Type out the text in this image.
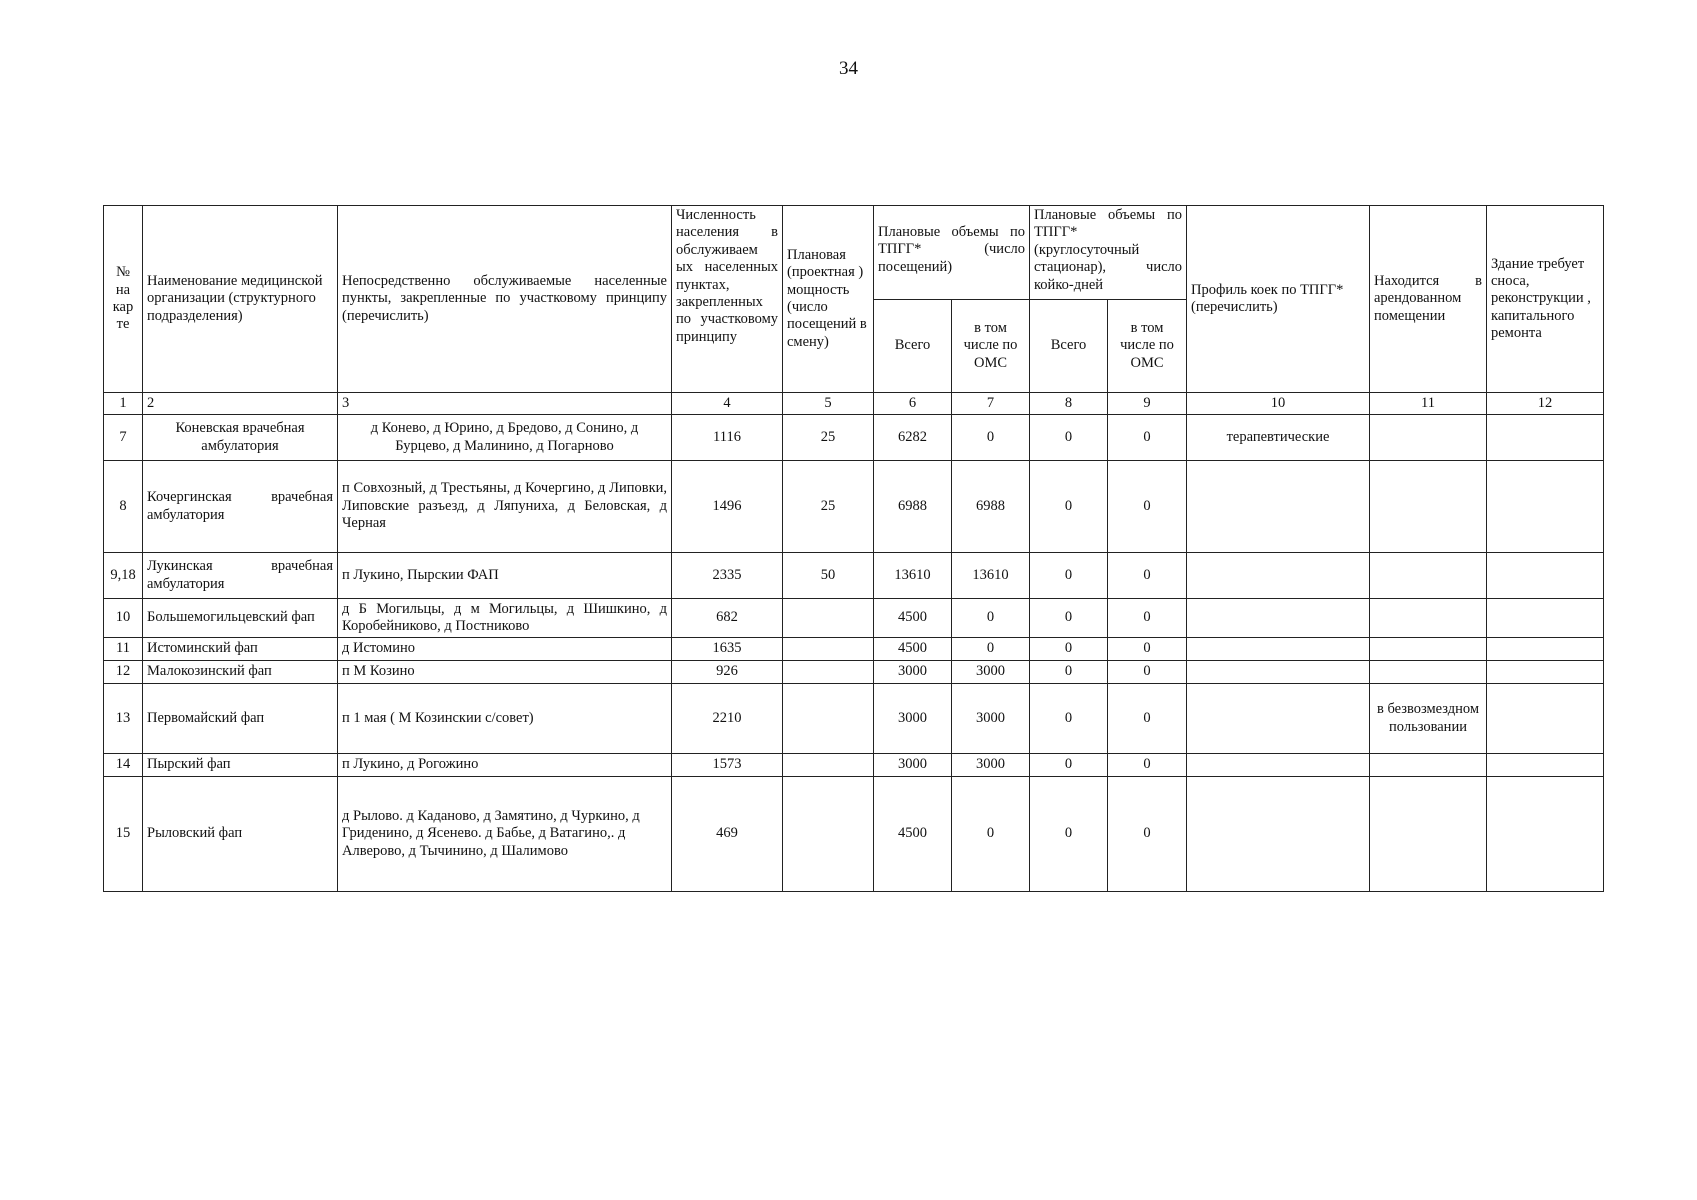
34
№ на кар те	Наименование медицинской организации (структурного подразделения)	Непосредственно обслуживаемые населенные пункты, закрепленные по участковому принципу (перечислить)	Численность населения в обслуживаем ых населенных пунктах, закрепленных по участковому принципу	Плановая (проектная ) мощность (число посещений в смену)	Плановые объемы по ТПГГ* (число посещений)		Плановые объемы по ТПГГ* (круглосуточный стационар), число койко-дней		Профиль коек по ТПГГ* (перечислить)	Находится в арендованном помещении	Здание требует сноса, реконструкции , капитального ремонта
					Всего	в том числе по ОМС	Всего	в том числе по ОМС			
1	2	3	4	5	6	7	8	9	10	11	12
7	Коневская врачебная амбулатория	д Конево, д Юрино, д Бредово, д Сонино, д Бурцево, д Малинино, д Погарново	1116	25	6282	0	0	0	терапевтические		
8	Кочергинская врачебная амбулатория	п Совхозный, д Трестьяны, д Кочергино, д Липовки, Липовские разъезд, д Ляпуниха, д Беловская, д Черная	1496	25	6988	6988	0	0			
9,18	Лукинская врачебная амбулатория	п Лукино, Пырскии ФАП	2335	50	13610	13610	0	0			
10	Большемогильцевский фап	д Б Могильцы, д м Могильцы, д Шишкино, д Коробейниково, д Постниково	682		4500	0	0	0			
11	Истоминский фап	д Истомино	1635		4500	0	0	0			
12	Малокозинский фап	п М Козино	926		3000	3000	0	0			
13	Первомайский фап	п 1 мая ( М Козинскии с/совет)	2210		3000	3000	0	0		в безвозмездном пользовании	
14	Пырский фап	п Лукино, д Рогожино	1573		3000	3000	0	0			
15	Рыловский фап	д Рылово. д Каданово, д Замятино, д Чуркино, д Гриденино, д Ясенево. д Бабье, д Ватагино,. д Алверово, д Тычинино, д Шалимово	469		4500	0	0	0			
